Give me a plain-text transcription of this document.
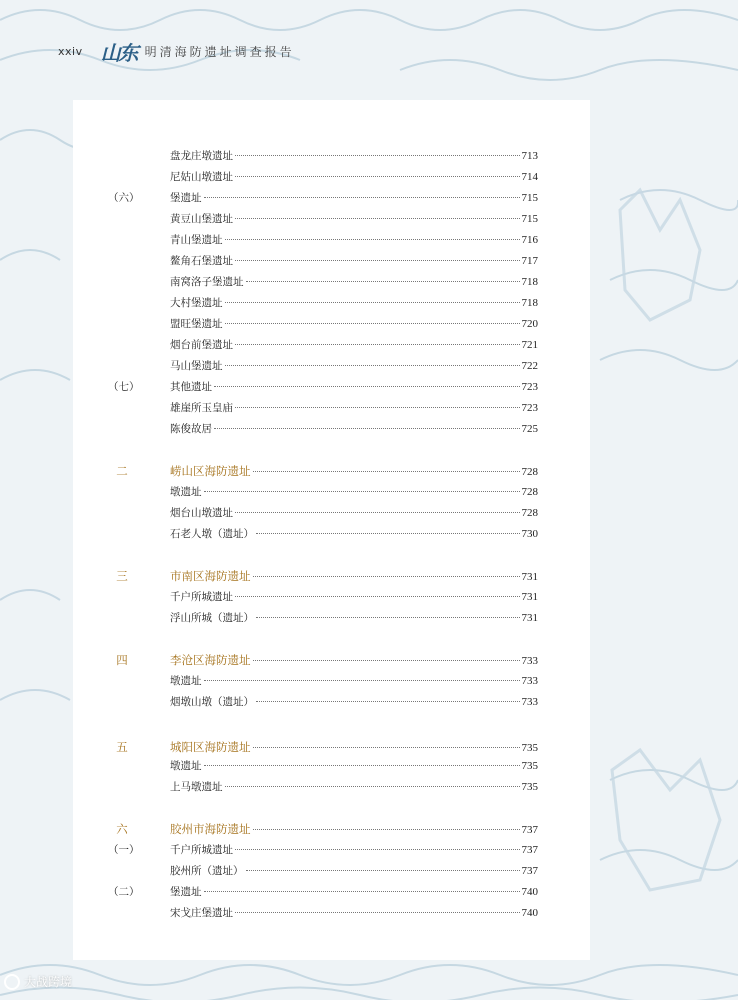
xxiv 山东 明清海防遗址调查报告
盘龙庄墩遗址	713
尼姑山墩遗址	714
（六）	堡遗址	715
黄豆山堡遗址	715
青山堡遗址	716
鳌角石堡遗址	717
南窝洛子堡遗址	718
大村堡遗址	718
盟旺堡遗址	720
烟台前堡遗址	721
马山堡遗址	722
（七）	其他遗址	723
雄崖所玉皇庙	723
陈俊故居	725
二	崂山区海防遗址	728
墩遗址	728
烟台山墩遗址	728
石老人墩（遗址）	730
三	市南区海防遗址	731
千户所城遗址	731
浮山所城（遗址）	731
四	李沧区海防遗址	733
墩遗址	733
烟墩山墩（遗址）	733
五	城阳区海防遗址	735
墩遗址	735
上马墩遗址	735
六	胶州市海防遗址	737
（一）	千户所城遗址	737
胶州所（遗址）	737
（二）	堡遗址	740
宋戈庄堡遗址	740
大战跨境
